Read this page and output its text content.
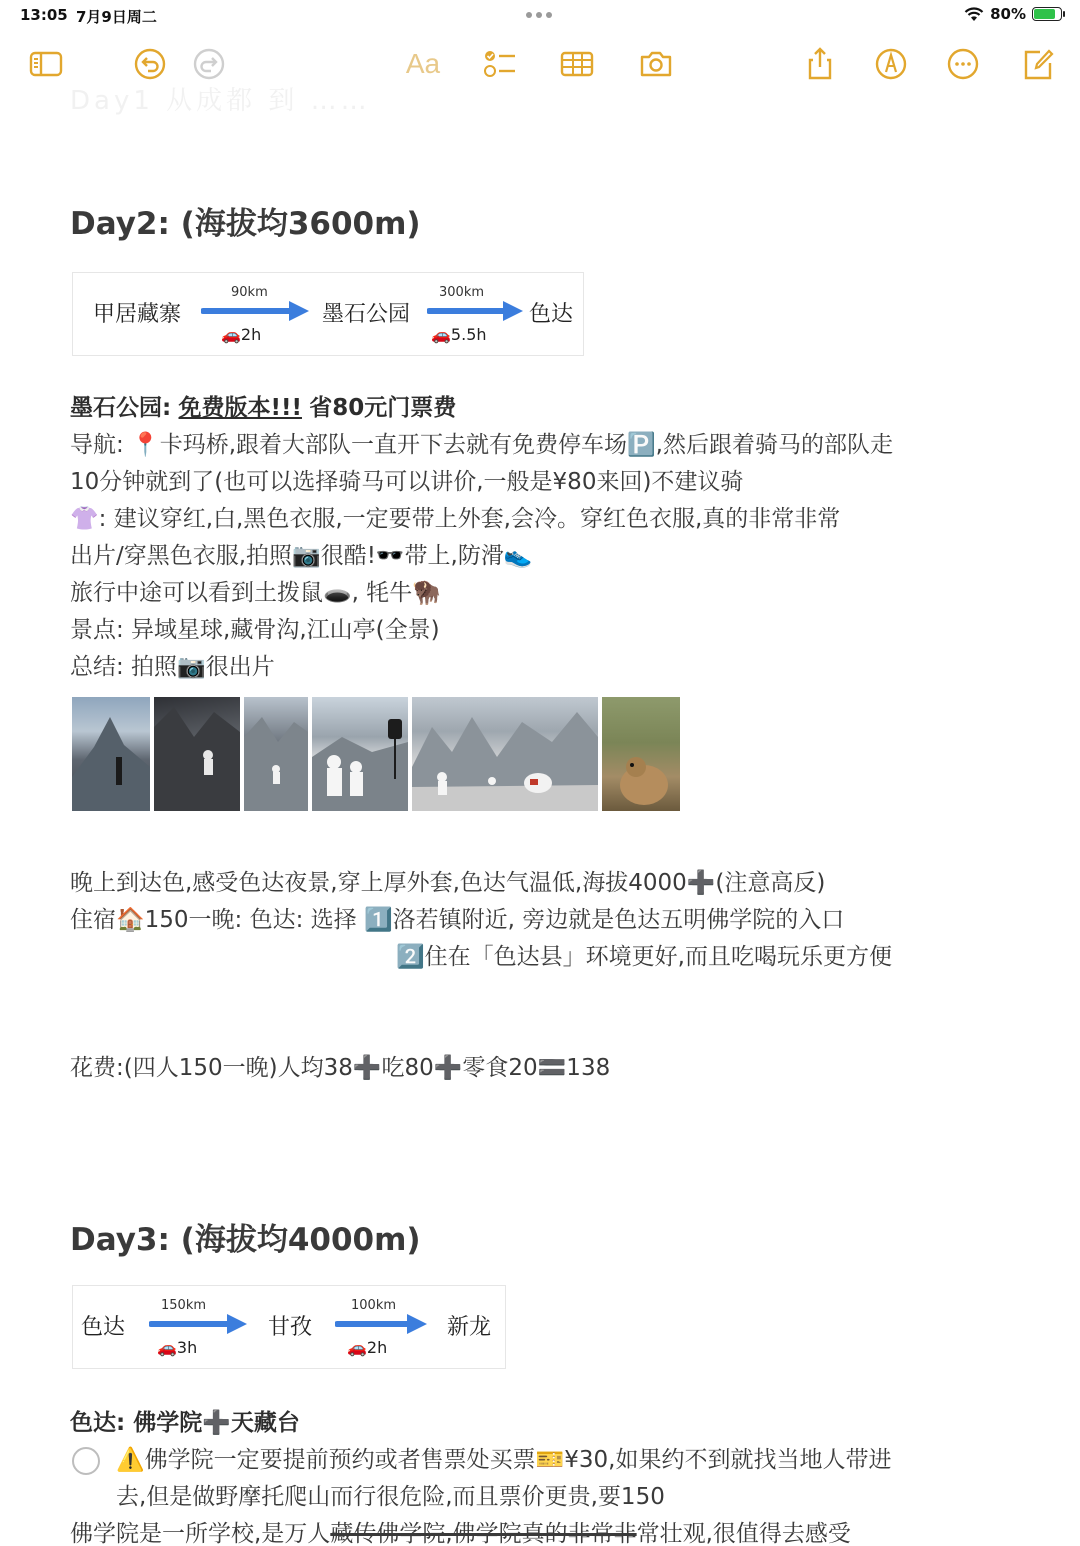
13:05 7月9日周二	80%
Day1 从成都 到 ……
Aa
Day2: (海拔均3600m)
甲居藏寨
90km
🚗2h
墨石公园
300km
🚗5.5h
色达
墨石公园: 免费版本!!! 省80元门票费
导航: 📍卡玛桥,跟着大部队一直开下去就有免费停车场🅿️,然后跟着骑马的部队走
10分钟就到了(也可以选择骑马可以讲价,一般是¥80来回)不建议骑
👚: 建议穿红,白,黑色衣服,一定要带上外套,会冷。穿红色衣服,真的非常非常
出片/穿黑色衣服,拍照📷很酷!🕶️带上,防滑👟
旅行中途可以看到土拨鼠🕳️, 牦牛🦬
景点: 异域星球,藏骨沟,江山亭(全景)
总结: 拍照📷很出片
晚上到达色,感受色达夜景,穿上厚外套,色达气温低,海拔4000➕(注意高反)
住宿🏠150一晚: 色达: 选择 1️⃣洛若镇附近, 旁边就是色达五明佛学院的入口
2️⃣住在「色达县」环境更好,而且吃喝玩乐更方便
花费:(四人150一晚)人均38➕吃80➕零食20🟰138
Day3: (海拔均4000m)
色达
150km
🚗3h
甘孜
100km
🚗2h
新龙
色达: 佛学院➕天藏台
⚠️佛学院一定要提前预约或者售票处买票🎫¥30,如果约不到就找当地人带进
去,但是做野摩托爬山而行很危险,而且票价更贵,要150
佛学院是一所学校,是万人藏传佛学院,佛学院真的非常非常壮观,很值得去感受
